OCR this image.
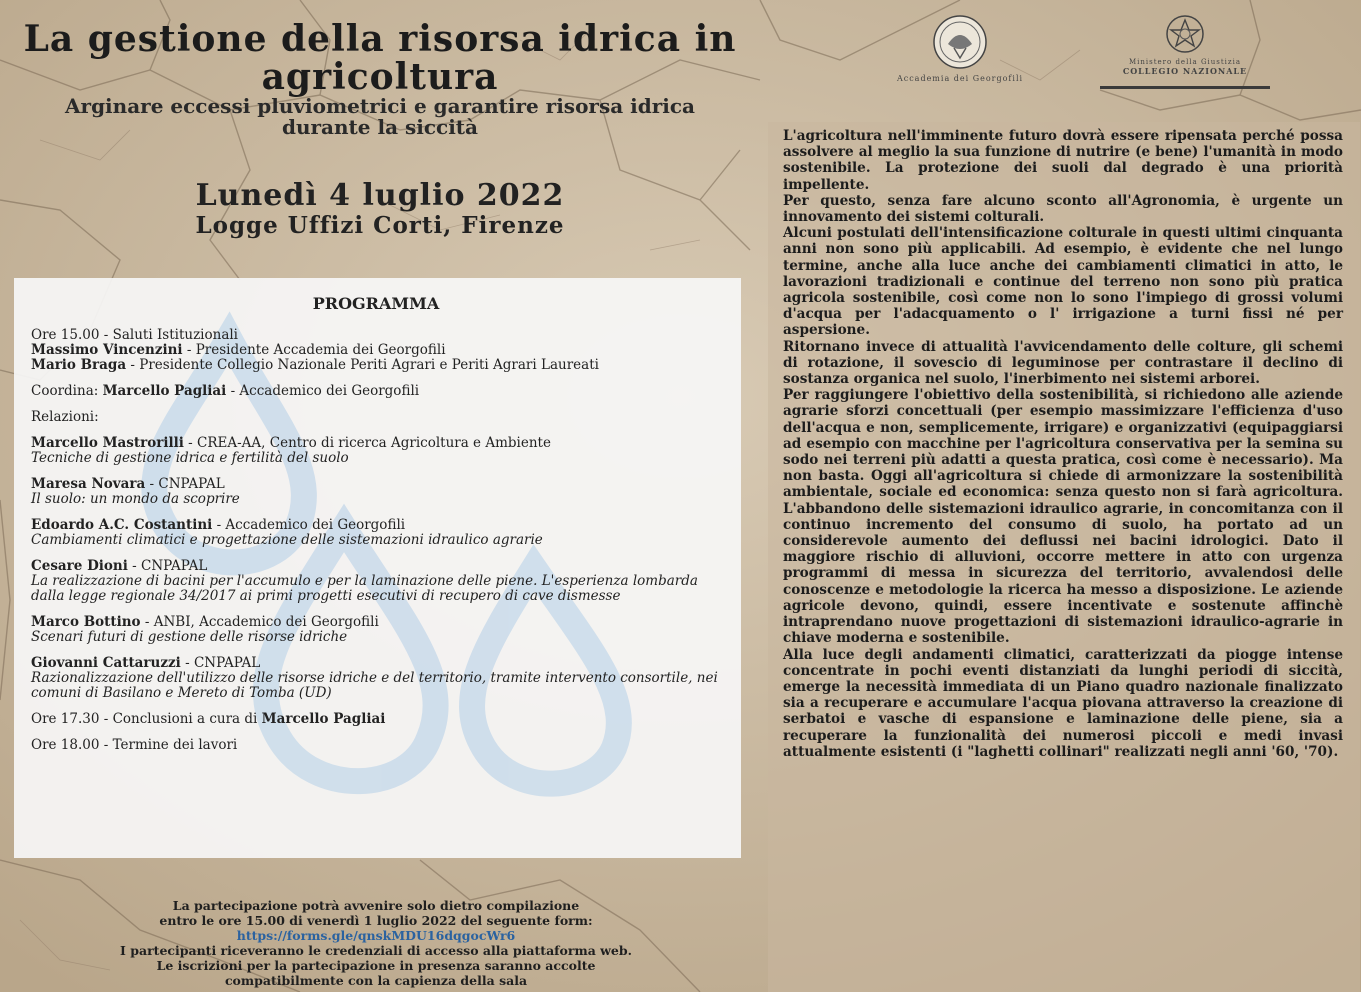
La gestione della risorsa idrica in agricoltura
Arginare eccessi pluviometrici e garantire risorsa idrica durante la siccità
Lunedì 4 luglio 2022
Logge Uffizi Corti, Firenze
Accademia dei Georgofili
Ministero della Giustizia
COLLEGIO NAZIONALE
PROGRAMMA
Ore 15.00 - Saluti Istituzionali
Massimo Vincenzini - Presidente Accademia dei Georgofili
Mario Braga - Presidente Collegio Nazionale Periti Agrari e Periti Agrari Laureati
Coordina: Marcello Pagliai - Accademico dei Georgofili
Relazioni:
Marcello Mastrorilli - CREA-AA, Centro di ricerca Agricoltura e Ambiente
Tecniche di gestione idrica e fertilità del suolo
Maresa Novara - CNPAPAL
Il suolo: un mondo da scoprire
Edoardo A.C. Costantini - Accademico dei Georgofili
Cambiamenti climatici e progettazione delle sistemazioni idraulico agrarie
Cesare Dioni - CNPAPAL
La realizzazione di bacini per l'accumulo e per la laminazione delle piene. L'esperienza lombarda dalla legge regionale 34/2017 ai primi progetti esecutivi di recupero di cave dismesse
Marco Bottino - ANBI, Accademico dei Georgofili
Scenari futuri di gestione delle risorse idriche
Giovanni Cattaruzzi - CNPAPAL
Razionalizzazione dell'utilizzo delle risorse idriche e del territorio, tramite intervento consortile, nei comuni di Basilano e Mereto di Tomba (UD)
Ore 17.30 - Conclusioni a cura di Marcello Pagliai
Ore 18.00 - Termine dei lavori
La partecipazione potrà avvenire solo dietro compilazione
entro le ore 15.00 di venerdì 1 luglio 2022 del seguente form:
https://forms.gle/qnskMDU16dqgocWr6
I partecipanti riceveranno le credenziali di accesso alla piattaforma web.
Le iscrizioni per la partecipazione in presenza saranno accolte
compatibilmente con la capienza della sala

L'agricoltura nell'imminente futuro dovrà essere ripensata perché possa assolvere al meglio la sua funzione di nutrire (e bene) l'umanità in modo sostenibile. La protezione dei suoli dal degrado è una priorità impellente.

Per questo, senza fare alcuno sconto all'Agronomia, è urgente un innovamento dei sistemi colturali.

Alcuni postulati dell'intensificazione colturale in questi ultimi cinquanta anni non sono più applicabili. Ad esempio, è evidente che nel lungo termine, anche alla luce anche dei cambiamenti climatici in atto, le lavorazioni tradizionali e continue del terreno non sono più pratica agricola sostenibile, così come non lo sono l'impiego di grossi volumi d'acqua per l'adacquamento o l' irrigazione a turni fissi né per aspersione.

Ritornano invece di attualità l'avvicendamento delle colture, gli schemi di rotazione, il sovescio di leguminose per contrastare il declino di sostanza organica nel suolo, l'inerbimento nei sistemi arborei.

Per raggiungere l'obiettivo della sostenibilità, si richiedono alle aziende agrarie sforzi concettuali (per esempio massimizzare l'efficienza d'uso dell'acqua e non, semplicemente, irrigare) e organizzativi (equipaggiarsi ad esempio con macchine per l'agricoltura conservativa per la semina su sodo nei terreni più adatti a questa pratica, così come è necessario). Ma non basta. Oggi all'agricoltura si chiede di armonizzare la sostenibilità ambientale, sociale ed economica: senza questo non si farà agricoltura. L'abbandono delle sistemazioni idraulico agrarie, in concomitanza con il continuo incremento del consumo di suolo, ha portato ad un considerevole aumento dei deflussi nei bacini idrologici. Dato il maggiore rischio di alluvioni, occorre mettere in atto con urgenza programmi di messa in sicurezza del territorio, avvalendosi delle conoscenze e metodologie la ricerca ha messo a disposizione. Le aziende agricole devono, quindi, essere incentivate e sostenute affinchè intraprendano nuove progettazioni di sistemazioni idraulico-agrarie in chiave moderna e sostenibile.

Alla luce degli andamenti climatici, caratterizzati da piogge intense concentrate in pochi eventi distanziati da lunghi periodi di siccità, emerge la necessità immediata di un Piano quadro nazionale finalizzato sia a recuperare e accumulare l'acqua piovana attraverso la creazione di serbatoi e vasche di espansione e laminazione delle piene, sia a recuperare la funzionalità dei numerosi piccoli e medi invasi attualmente esistenti (i "laghetti collinari" realizzati negli anni '60, '70).
